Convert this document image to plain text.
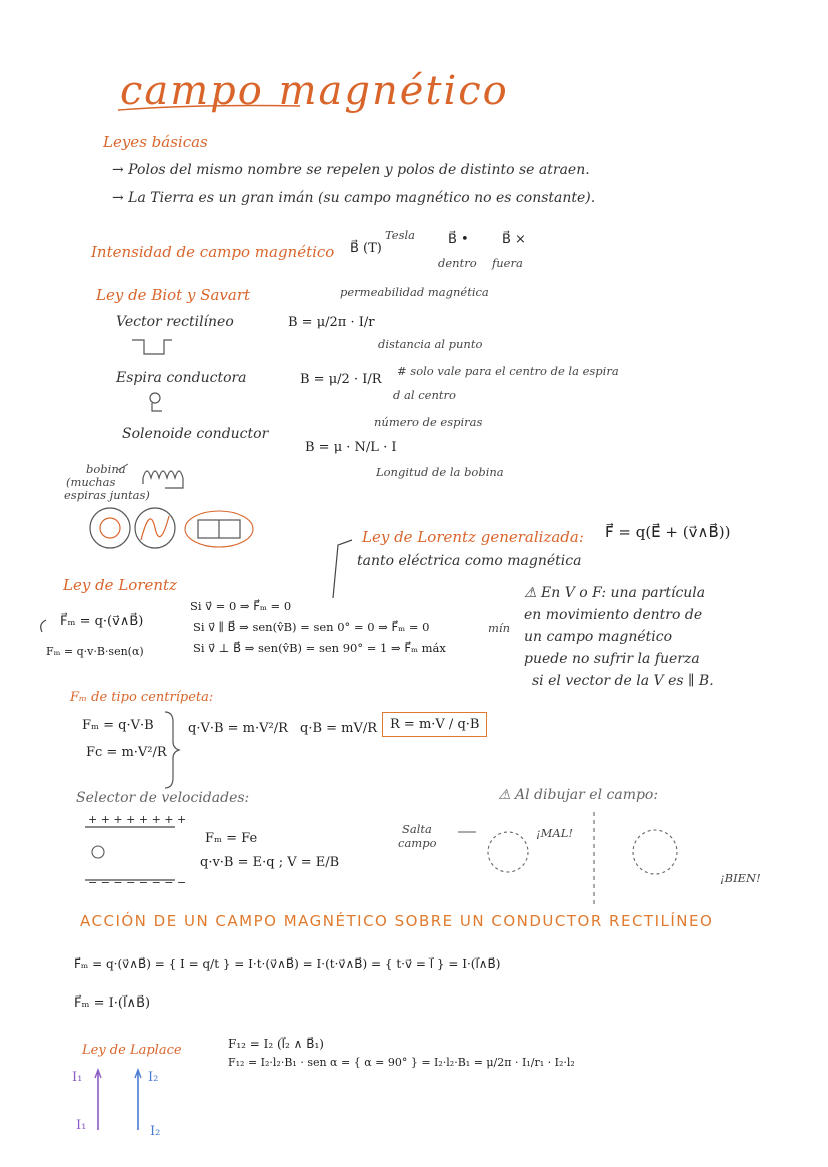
campo magnético
Leyes básicas
→ Polos del mismo nombre se repelen y polos de distinto se atraen.
→ La Tierra es un gran imán (su campo magnético no es constante).
Intensidad de campo magnético B⃗ (T)
Tesla	B⃗ •
dentro
B⃗ ×
fuera
Ley de Biot y Savart	permeabilidad magnética
Vector rectilíneo	B = μ/2π · I/r
distancia al punto
Espira conductora	B = μ/2 · I/R
# solo vale para el centro de la espira
d al centro
Solenoide conductor
número de espiras
B = μ · N/L · I
Longitud de la bobina
bobina
(muchas
espiras juntas)
Ley de Lorentz generalizada: F⃗ = q(E⃗ + (v⃗∧B⃗))
tanto eléctrica como magnética
Ley de Lorentz
F⃗ₘ = q·(v⃗∧B⃗)
Fₘ = q·v·B·sen(α)
Si v⃗ = 0 ⇒ F⃗ₘ = 0
Si v⃗ ∥ B⃗ ⇒ sen(v̂B) = sen 0° = 0 ⇒ F⃗ₘ = 0	mín
Si v⃗ ⊥ B⃗ ⇒ sen(v̂B) = sen 90° = 1 ⇒ F⃗ₘ máx
⚠ En V o F: una partícula
en movimiento dentro de
un campo magnético
puede no sufrir la fuerza
si el vector de la V es ∥ B.
Fₘ de tipo centrípeta:
Fₘ = q·V·B
Fc = m·V²/R
q·V·B = m·V²/R q·B = mV/R R = m·V / q·B
Selector de velocidades:
+ + + + + + + +
− − − − − − − −
Fₘ = Fe
q·v·B = E·q ; V = E/B
⚠ Al dibujar el campo:
Salta
campo
¡MAL!
¡BIEN!
ACCIÓN DE UN CAMPO MAGNÉTICO SOBRE UN CONDUCTOR RECTILÍNEO
F⃗ₘ = q·(v⃗∧B⃗) = { I = q/t } = I·t·(v⃗∧B⃗) = I·(t·v⃗∧B⃗) = { t·v⃗ = l⃗ } = I·(l⃗∧B⃗)
F⃗ₘ = I·(l⃗∧B⃗)
Ley de Laplace	F₁₂ = I₂ (l⃗₂ ∧ B⃗₁)
F₁₂ = I₂·l₂·B₁ · sen α = { α = 90° } = I₂·l₂·B₁ = μ/2π · I₁/r₁ · I₂·l₂
I₁	I₂
I₁	I₂
